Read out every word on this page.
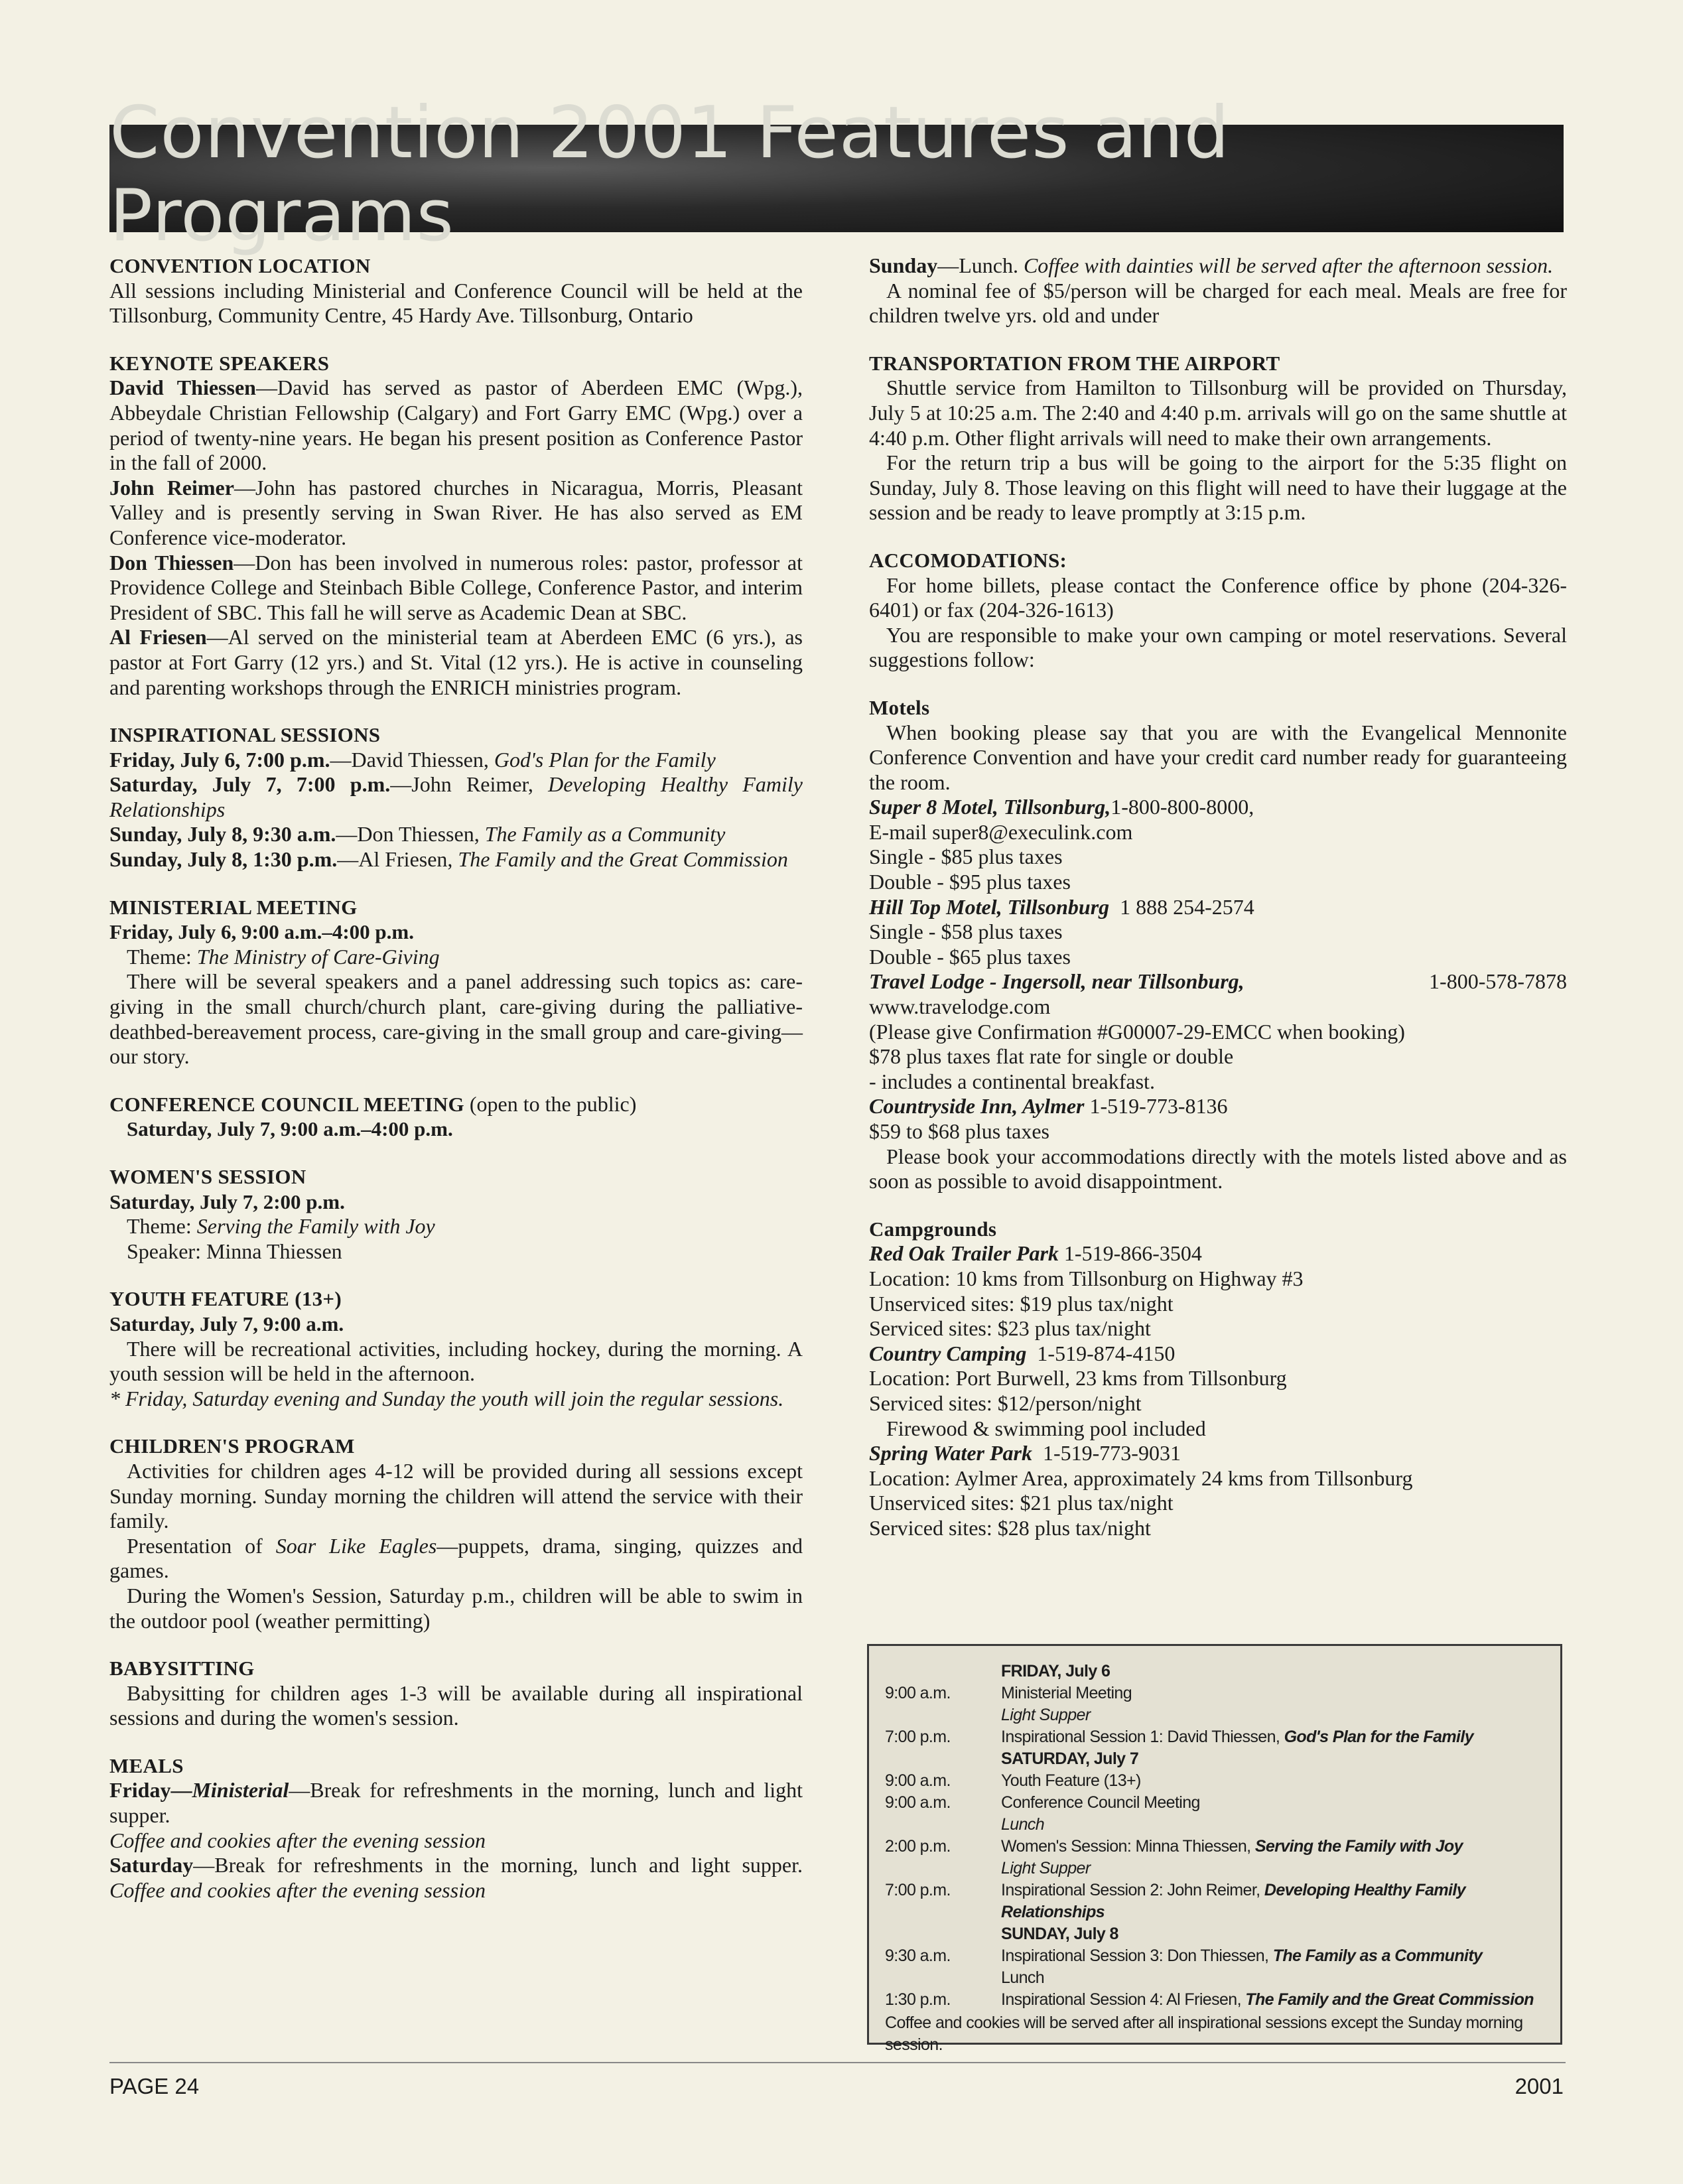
Convention 2001 Features and Programs
CONVENTION LOCATION
All sessions including Ministerial and Conference Council will be held at the Tillsonburg, Community Centre, 45 Hardy Ave. Tillsonburg, Ontario
KEYNOTE SPEAKERS
David Thiessen—David has served as pastor of Aberdeen EMC (Wpg.), Abbeydale Christian Fellowship (Calgary) and Fort Garry EMC (Wpg.) over a period of twenty-nine years. He began his present position as Conference Pastor in the fall of 2000.
John Reimer—John has pastored churches in Nicaragua, Morris, Pleasant Valley and is presently serving in Swan River. He has also served as EM Conference vice-moderator.
Don Thiessen—Don has been involved in numerous roles: pastor, professor at Providence College and Steinbach Bible College, Conference Pastor, and interim President of SBC. This fall he will serve as Academic Dean at SBC.
Al Friesen—Al served on the ministerial team at Aberdeen EMC (6 yrs.), as pastor at Fort Garry (12 yrs.) and St. Vital (12 yrs.). He is active in counseling and parenting workshops through the ENRICH ministries program.
INSPIRATIONAL SESSIONS
Friday, July 6, 7:00 p.m.—David Thiessen, God's Plan for the Family
Saturday, July 7, 7:00 p.m.—John Reimer, Developing Healthy Family Relationships
Sunday, July 8, 9:30 a.m.—Don Thiessen, The Family as a Community
Sunday, July 8, 1:30 p.m.—Al Friesen, The Family and the Great Commission
MINISTERIAL MEETING
Friday, July 6, 9:00 a.m.–4:00 p.m.
Theme: The Ministry of Care-Giving
There will be several speakers and a panel addressing such topics as: care-giving in the small church/church plant, care-giving during the palliative-deathbed-bereavement process, care-giving in the small group and care-giving—our story.
CONFERENCE COUNCIL MEETING (open to the public)
Saturday, July 7, 9:00 a.m.–4:00 p.m.
WOMEN'S SESSION
Saturday, July 7, 2:00 p.m.
Theme: Serving the Family with Joy
Speaker: Minna Thiessen
YOUTH FEATURE (13+)
Saturday, July 7, 9:00 a.m.
There will be recreational activities, including hockey, during the morning. A youth session will be held in the afternoon.
* Friday, Saturday evening and Sunday the youth will join the regular sessions.
CHILDREN'S PROGRAM
Activities for children ages 4-12 will be provided during all sessions except Sunday morning. Sunday morning the children will attend the service with their family.
Presentation of Soar Like Eagles—puppets, drama, singing, quizzes and games.
During the Women's Session, Saturday p.m., children will be able to swim in the outdoor pool (weather permitting)
BABYSITTING
Babysitting for children ages 1-3 will be available during all inspirational sessions and during the women's session.
MEALS
Friday—Ministerial—Break for refreshments in the morning, lunch and light supper.
Coffee and cookies after the evening session
Saturday—Break for refreshments in the morning, lunch and light supper. Coffee and cookies after the evening session
Sunday—Lunch. Coffee with dainties will be served after the afternoon session.
A nominal fee of $5/person will be charged for each meal. Meals are free for children twelve yrs. old and under
TRANSPORTATION FROM THE AIRPORT
Shuttle service from Hamilton to Tillsonburg will be provided on Thursday, July 5 at 10:25 a.m. The 2:40 and 4:40 p.m. arrivals will go on the same shuttle at 4:40 p.m. Other flight arrivals will need to make their own arrangements.
For the return trip a bus will be going to the airport for the 5:35 flight on Sunday, July 8. Those leaving on this flight will need to have their luggage at the session and be ready to leave promptly at 3:15 p.m.
ACCOMODATIONS:
For home billets, please contact the Conference office by phone (204-326-6401) or fax (204-326-1613)
You are responsible to make your own camping or motel reservations. Several suggestions follow:
Motels
When booking please say that you are with the Evangelical Mennonite Conference Convention and have your credit card number ready for guaranteeing the room.
Super 8 Motel, Tillsonburg,1-800-800-8000,
E-mail super8@execulink.com
Single - $85 plus taxes
Double - $95 plus taxes
Hill Top Motel, Tillsonburg  1 888 254-2574
Single - $58 plus taxes
Double - $65 plus taxes
Travel Lodge - Ingersoll, near Tillsonburg,	1-800-578-7878
www.travelodge.com
(Please give Confirmation #G00007-29-EMCC when booking)
$78 plus taxes flat rate for single or double
- includes a continental breakfast.
Countryside Inn, Aylmer 1-519-773-8136
$59 to $68 plus taxes
Please book your accommodations directly with the motels listed above and as soon as possible to avoid disappointment.
Campgrounds
Red Oak Trailer Park 1-519-866-3504
Location: 10 kms from Tillsonburg on Highway #3
Unserviced sites: $19 plus tax/night
Serviced sites: $23 plus tax/night
Country Camping  1-519-874-4150
Location: Port Burwell, 23 kms from Tillsonburg
Serviced sites: $12/person/night
Firewood & swimming pool included
Spring Water Park  1-519-773-9031
Location: Aylmer Area, approximately 24 kms from Tillsonburg
Unserviced sites: $21 plus tax/night
Serviced sites: $28 plus tax/night
FRIDAY, July 6
9:00 a.m.	Ministerial Meeting
Light Supper
7:00 p.m.	Inspirational Session 1: David Thiessen, God's Plan for the Family
SATURDAY, July 7
9:00 a.m.	Youth Feature (13+)
9:00 a.m.	Conference Council Meeting
Lunch
2:00 p.m.	Women's Session: Minna Thiessen, Serving the Family with Joy
Light Supper
7:00 p.m.	Inspirational Session 2: John Reimer, Developing Healthy Family Relationships
SUNDAY, July 8
9:30 a.m.	Inspirational Session 3: Don Thiessen, The Family as a Community
Lunch
1:30 p.m.	Inspirational Session 4: Al Friesen, The Family and the Great Commission
Coffee and cookies will be served after all inspirational sessions except the Sunday morning session.
PAGE 24	2001
